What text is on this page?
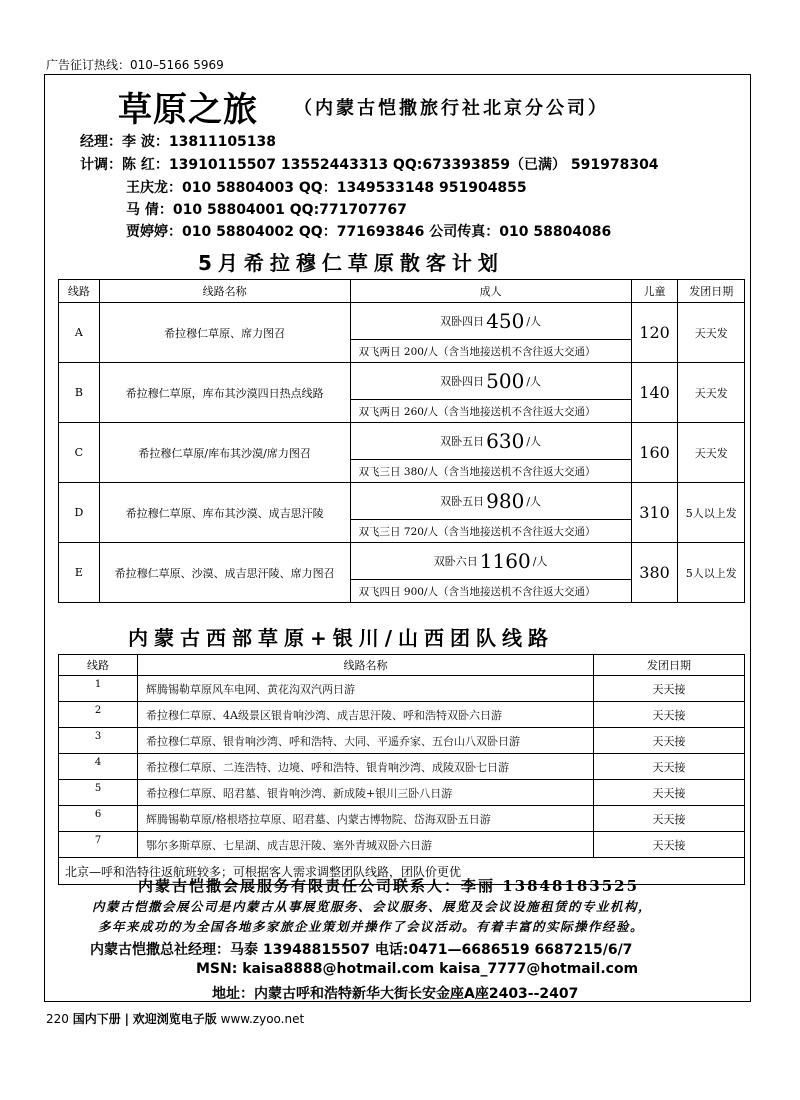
广告征订热线：010–5166 5969
草原之旅 （内蒙古恺撒旅行社北京分公司）
经理：李 波：13811105138
计调：陈 红：13910115507 13552443313 QQ:673393859（已满） 591978304
王庆龙：010 58804003 QQ：1349533148 951904855
马 倩：010 58804001 QQ:771707767
贾婷婷：010 58804002 QQ：771693846 公司传真：010 58804086
5月希拉穆仁草原散客计划
线路	线路名称	成人	儿童	发团日期
A	希拉穆仁草原、席力图召	双卧四日 450 /人
双飞两日 200/人（含当地接送机不含往返大交通）	120	天天发
B	希拉穆仁草原，库布其沙漠四日热点线路	双卧四日 500 /人
双飞两日 260/人（含当地接送机不含往返大交通）	140	天天发
C	希拉穆仁草原/库布其沙漠/席力图召	双卧五日 630 /人
双飞三日 380/人（含当地接送机不含往返大交通）	160	天天发
D	希拉穆仁草原、库布其沙漠、成吉思汗陵	双卧五日 980 /人
双飞三日 720/人（含当地接送机不含往返大交通）	310	5人以上发
E	希拉穆仁草原、沙漠、成吉思汗陵、席力图召	双卧六日 1160 /人
双飞四日 900/人（含当地接送机不含往返大交通）	380	5人以上发
内蒙古西部草原+银川/山西团队线路
线路	线路名称	发团日期
1	辉腾锡勒草原风车电网、黄花沟双汽两日游	天天接
2	希拉穆仁草原、4A级景区银肯响沙湾、成吉思汗陵、呼和浩特双卧六日游	天天接
3	希拉穆仁草原、银肯响沙湾、呼和浩特、大同、平遥乔家、五台山八双卧日游	天天接
4	希拉穆仁草原、二连浩特、边境、呼和浩特、银肯响沙湾、成陵双卧七日游	天天接
5	希拉穆仁草原、昭君墓、银肯响沙湾、新成陵+银川三卧八日游	天天接
6	辉腾锡勒草原/格根塔拉草原、昭君墓、内蒙古博物院、岱海双卧五日游	天天接
7	鄂尔多斯草原、七星湖、成吉思汗陵、塞外青城双卧六日游	天天接
北京—呼和浩特往返航班较多；可根据客人需求调整团队线路，团队价更优		
内蒙古恺撒会展服务有限责任公司联系人：李丽 13848183525
内蒙古恺撒会展公司是内蒙古从事展览服务、会议服务、展览及会议设施租赁的专业机构，
多年来成功的为全国各地多家旅企业策划并操作了会议活动。有着丰富的实际操作经验。
内蒙古恺撒总社经理：马泰 13948815507 电话:0471—6686519 6687215/6/7
MSN: kaisa8888@hotmail.com kaisa_7777@hotmail.com
地址：内蒙古呼和浩特新华大街长安金座A座2403--2407
220 国内下册 | 欢迎浏览电子版 www.zyoo.net
